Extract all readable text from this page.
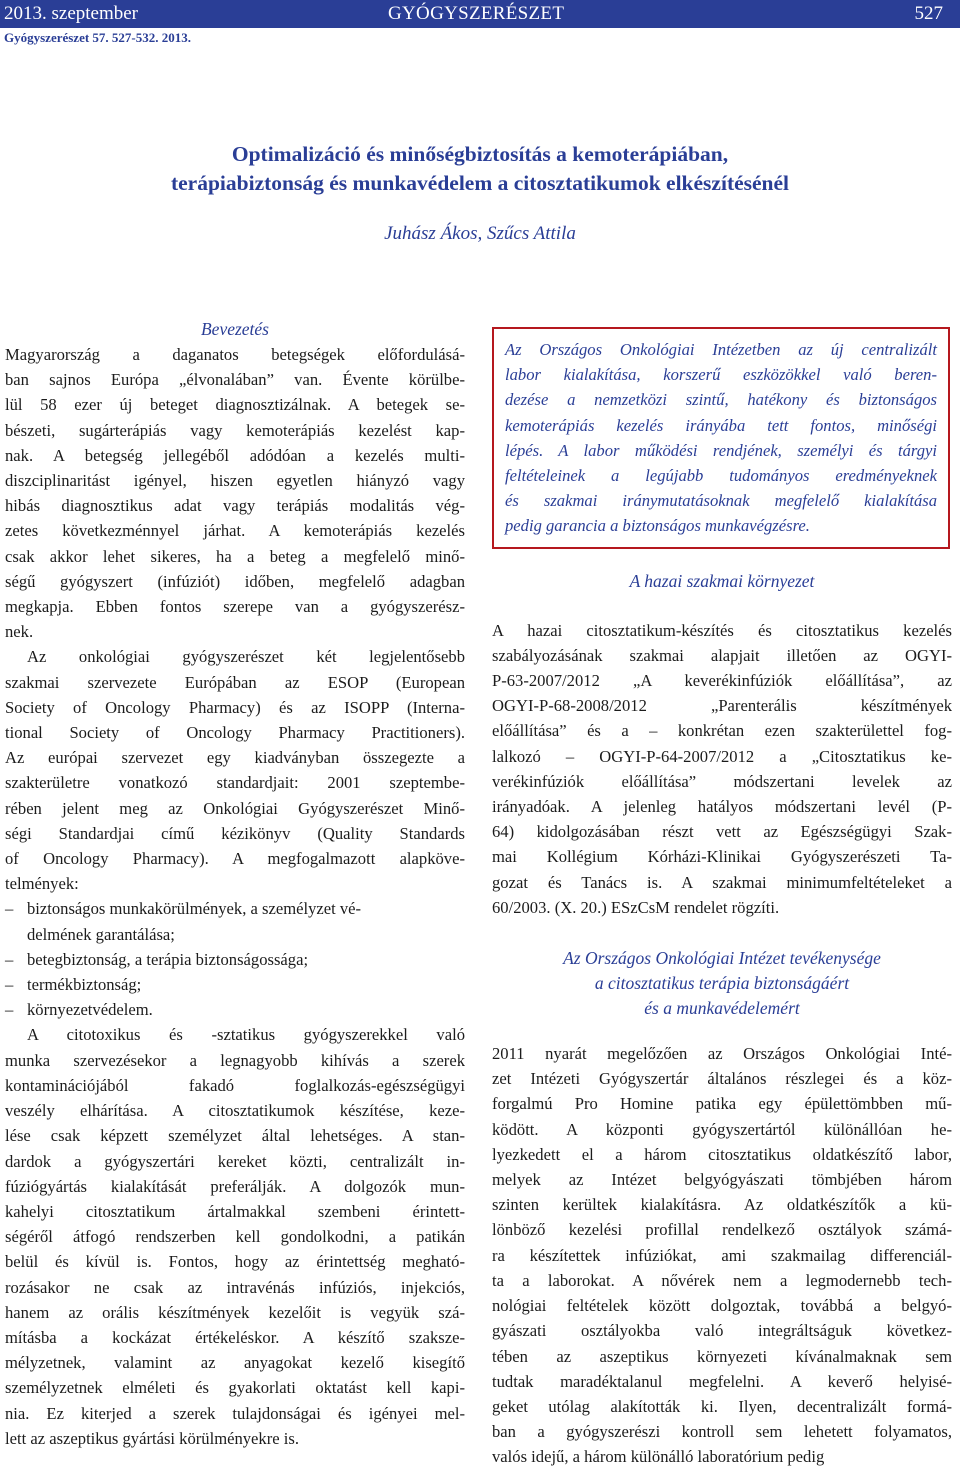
2013. szeptember	GYÓGYSZERÉSZET	527
Gyógyszerészet 57. 527-532. 2013.
Optimalizáció és minőségbiztosítás a kemoterápiában,
terápiabiztonság és munkavédelem a citosztatikumok elkészítésénél
Juhász Ákos, Szűcs Attila

Bevezetés

Magyarország a daganatos betegségek előfordulásá-
ban sajnos Európa „élvonalában” van. Évente körülbe-
lül 58 ezer új beteget diagnosztizálnak. A betegek se-
bészeti, sugárterápiás vagy kemoterápiás kezelést kap-
nak. A betegség jellegéből adódóan a kezelés multi-
diszciplinaritást igényel, hiszen egyetlen hiányzó vagy
hibás diagnosztikus adat vagy terápiás modalitás vég-
zetes következménnyel járhat. A kemoterápiás kezelés
csak akkor lehet sikeres, ha a beteg a megfelelő minő-
ségű gyógyszert (infúziót) időben, megfelelő adagban
megkapja. Ebben fontos szerepe van a gyógyszerész-
nek.

Az onkológiai gyógyszerészet két legjelentősebb
szakmai szervezete Európában az ESOP (European
Society of Oncology Pharmacy) és az ISOPP (Interna-
tional Society of Oncology Pharmacy Practitioners).
Az európai szervezet egy kiadványban összegezte a
szakterületre vonatkozó standardjait: 2001 szeptembe-
rében jelent meg az Onkológiai Gyógyszerészet Minő-
ségi Standardjai című kézikönyv (Quality Standards
of Oncology Pharmacy). A megfogalmazott alapköve-
telmények:

– biztonságos munkakörülmények, a személyzet vé-
delmének garantálása;
– betegbiztonság, a terápia biztonságossága;
– termékbiztonság;
– környezetvédelem.

A citotoxikus és -sztatikus gyógyszerekkel való
munka szervezésekor a legnagyobb kihívás a szerek
kontaminációjából fakadó foglalkozás-egészségügyi
veszély elhárítása. A citosztatikumok készítése, keze-
lése csak képzett személyzet által lehetséges. A stan-
dardok a gyógyszertári kereket közti, centralizált in-
fúziógyártás kialakítását preferálják. A dolgozók mun-
kahelyi citosztatikum ártalmakkal szembeni érintett-
ségéről átfogó rendszerben kell gondolkodni, a patikán
belül és kívül is. Fontos, hogy az érintettség megható-
rozásakor ne csak az intravénás infúziós, injekciós,
hanem az orális készítmények kezelőit is vegyük szá-
mításba a kockázat értékeléskor. A készítő szaksze-
mélyzetnek, valamint az anyagokat kezelő kisegítő
személyzetnek elméleti és gyakorlati oktatást kell kapi-
nia. Ez kiterjed a szerek tulajdonságai és igényei mel-
lett az aszeptikus gyártási körülményekre is.

Az Országos Onkológiai Intézetben az új centralizált
labor kialakítása, korszerű eszközökkel való beren-
dezése a nemzetközi szintű, hatékony és biztonságos
kemoterápiás kezelés irányába tett fontos, minőségi
lépés. A labor működési rendjének, személyi és tárgyi
feltételeinek a legújabb tudományos eredményeknek
és szakmai iránymutatásoknak megfelelő kialakítása
pedig garancia a biztonságos munkavégzésre.

A hazai szakmai környezet

A hazai citosztatikum-készítés és citosztatikus kezelés
szabályozásának szakmai alapjait illetően az OGYI-
P-63-2007/2012 „A keverékinfúziók előállítása”, az
OGYI-P-68-2008/2012 „Parenterális készítmények
előállítása” és a – konkrétan ezen szakterülettel fog-
lalkozó – OGYI-P-64-2007/2012 a „Citosztatikus ke-
verékinfúziók előállítása” módszertani levelek az
irányadóak. A jelenleg hatályos módszertani levél (P-
64) kidolgozásában részt vett az Egészségügyi Szak-
mai Kollégium Kórházi-Klinikai Gyógyszerészeti Ta-
gozat és Tanács is. A szakmai minimumfeltételeket a
60/2003. (X. 20.) ESzCsM rendelet rögzíti.

Az Országos Onkológiai Intézet tevékenysége

a citosztatikus terápia biztonságáért

és a munkavédelemért

2011 nyarát megelőzően az Országos Onkológiai Inté-
zet Intézeti Gyógyszertár általános részlegei és a köz-
forgalmú Pro Homine patika egy épülettömbben mű-
ködött. A központi gyógyszertártól különállóan he-
lyezkedett el a három citosztatikus oldatkészítő labor,
melyek az Intézet belgyógyászati tömbjében három
szinten kerültek kialakításra. Az oldatkészítők a kü-
lönböző kezelési profillal rendelkező osztályok számá-
ra készítettek infúziókat, ami szakmailag differenciál-
ta a laborokat. A nővérek nem a legmodernebb tech-
nológiai feltételek között dolgoztak, továbbá a belgyó-
gyászati osztályokba való integráltságuk következ-
tében az aszeptikus környezeti kívánalmaknak sem
tudtak maradéktalanul megfelelni. A keverő helyisé-
geket utólag alakították ki. Ilyen, decentralizált formá-
ban a gyógyszerészi kontroll sem lehetett folyamatos,
valós idejű, a három különálló laboratórium pedig
